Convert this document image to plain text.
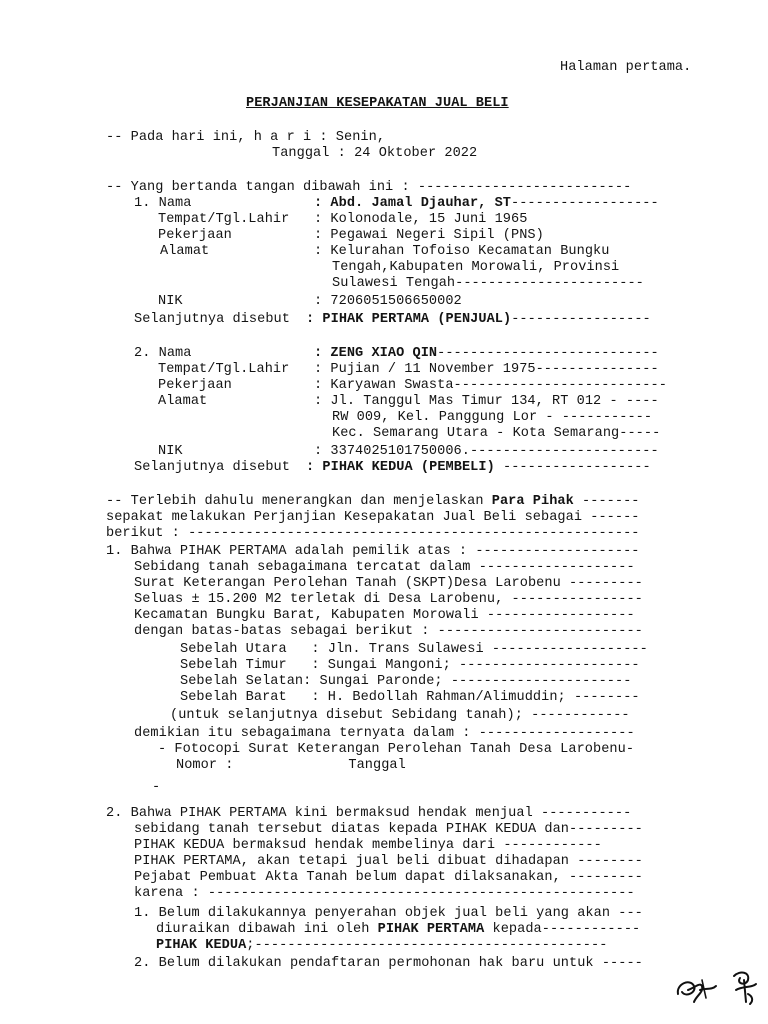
Halaman pertama.
PERJANJIAN KESEPAKATAN JUAL BELI
-- Pada hari ini, h a r i : Senin,
Tanggal : 24 Oktober 2022
-- Yang bertanda tangan dibawah ini : --------------------------
1. Nama	: Abd. Jamal Djauhar, ST------------------
Tempat/Tgl.Lahir : Kolonodale, 15 Juni 1965
Pekerjaan	: Pegawai Negeri Sipil (PNS)
Alamat	: Kelurahan Tofoiso Kecamatan Bungku
Tengah,Kabupaten Morowali, Provinsi
Sulawesi Tengah-----------------------
NIK	: 7206051506650002
Selanjutnya disebut : PIHAK PERTAMA (PENJUAL)-----------------
2. Nama	: ZENG XIAO QIN---------------------------
Tempat/Tgl.Lahir : Pujian / 11 November 1975---------------
Pekerjaan	: Karyawan Swasta--------------------------
Alamat	: Jl. Tanggul Mas Timur 134, RT 012 - ----
RW 009, Kel. Panggung Lor - -----------
Kec. Semarang Utara - Kota Semarang-----
NIK	: 3374025101750006.-----------------------
Selanjutnya disebut : PIHAK KEDUA (PEMBELI) ------------------
-- Terlebih dahulu menerangkan dan menjelaskan Para Pihak -------
sepakat melakukan Perjanjian Kesepakatan Jual Beli sebagai ------
berikut : -------------------------------------------------------
1. Bahwa PIHAK PERTAMA adalah pemilik atas : --------------------
Sebidang tanah sebagaimana tercatat dalam -------------------
Surat Keterangan Perolehan Tanah (SKPT)Desa Larobenu ---------
Seluas ± 15.200 M2 terletak di Desa Larobenu, ----------------
Kecamatan Bungku Barat, Kabupaten Morowali ------------------
dengan batas-batas sebagai berikut : -------------------------
Sebelah Utara   : Jln. Trans Sulawesi -------------------
Sebelah Timur   : Sungai Mangoni; ----------------------
Sebelah Selatan: Sungai Paronde; ----------------------
Sebelah Barat   : H. Bedollah Rahman/Alimuddin; --------
(untuk selanjutnya disebut Sebidang tanah); ------------
demikian itu sebagaimana ternyata dalam : -------------------
- Fotocopi Surat Keterangan Perolehan Tanah Desa Larobenu-
Nomor :              Tanggal
-
2. Bahwa PIHAK PERTAMA kini bermaksud hendak menjual -----------
sebidang tanah tersebut diatas kepada PIHAK KEDUA dan---------
PIHAK KEDUA bermaksud hendak membelinya dari ------------
PIHAK PERTAMA, akan tetapi jual beli dibuat dihadapan --------
Pejabat Pembuat Akta Tanah belum dapat dilaksanakan, ---------
karena : ----------------------------------------------------
1. Belum dilakukannya penyerahan objek jual beli yang akan ---
diuraikan dibawah ini oleh PIHAK PERTAMA kepada------------
PIHAK KEDUA;-------------------------------------------
2. Belum dilakukan pendaftaran permohonan hak baru untuk -----
